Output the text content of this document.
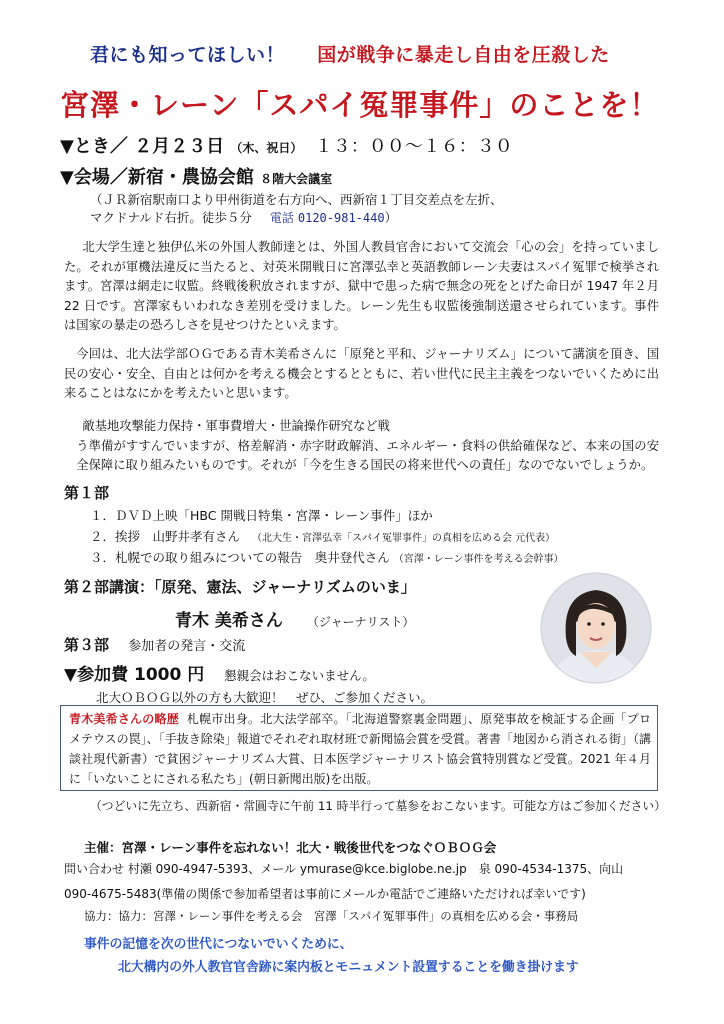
君にも知ってほしい！ 国が戦争に暴走し自由を圧殺した
宮澤・レーン「スパイ冤罪事件」のことを！
▼とき／ ２月２３日 （木、祝日） １３：００〜１６：３０
▼会場／新宿・農協会館 ８階大会議室
（ＪＲ新宿駅南口より甲州街道を右方向へ、西新宿１丁目交差点を左折、
マクドナルド右折。徒歩５分 電話 0120-981-440）
北大学生達と独伊仏米の外国人教師達とは、外国人教員官舎において交流会「心の会」を持っていました。それが軍機法違反に当たると、対英米開戦日に宮澤弘幸と英語教師レーン夫妻はスパイ冤罪で検挙されます。宮澤は網走に収監。終戦後釈放されますが、獄中で患った病で無念の死をとげた命日が 1947 年２月 22 日です。宮澤家もいわれなき差別を受けました。レーン先生も収監後強制送還させられています。事件は国家の暴走の恐ろしさを見せつけたといえます。
今回は、北大法学部ＯＧである青木美希さんに「原発と平和、ジャーナリズム」について講演を頂き、国民の安心・安全、自由とは何かを考える機会とするとともに、若い世代に民主主義をつないでいくために出来ることはなにかを考えたいと思います。
敵基地攻撃能力保持・軍事費増大・世論操作研究など戦
う準備がすすんでいますが、格差解消・赤字財政解消、エネルギー・食料の供給確保など、本来の国の安全保障に取り組みたいものです。それが「今を生きる国民の将来世代への責任」なのでないでしょうか。
第１部
１．ＤＶＤ上映「HBC 開戦日特集・宮澤・レーン事件」ほか
２．挨拶　山野井孝有さん （北大生・宮澤弘幸「スパイ冤罪事件」の真相を広める会 元代表）
３．札幌での取り組みについての報告　奥井登代さん （宮澤・レーン事件を考える会幹事）
第２部講演：「原発、憲法、ジャーナリズムのいま」
青木 美希さん （ジャーナリスト）
第３部 参加者の発言・交流
▼参加費 1000 円 懇親会はおこないません。
北大ＯＢＯＧ以外の方も大歓迎！　ぜひ、ご参加ください。
青木美希さんの略歴 札幌市出身。北大法学部卒。「北海道警察裏金問題」、原発事故を検証する企画「プロメテウスの罠」、「手抜き除染」報道でそれぞれ取材班で新聞協会賞を受賞。著書「地図から消される街」（講談社現代新書）で貧困ジャーナリズム大賞、日本医学ジャーナリスト協会賞特別賞など受賞。2021 年４月に「いないことにされる私たち」(朝日新聞出版)を出版。
（つどいに先立ち、西新宿・常圓寺に午前 11 時半行って墓参をおこないます。可能な方はご参加ください）
主催：宮澤・レーン事件を忘れない！北大・戦後世代をつなぐＯＢＯＧ会
問い合わせ 村瀬 090-4947-5393、メール ymurase@kce.biglobe.ne.jp　泉 090-4534-1375、向山
090-4675-5483(準備の関係で参加希望者は事前にメールか電話でご連絡いただければ幸いです)
協力：協力：宮澤・レーン事件を考える会　宮澤「スパイ冤罪事件」の真相を広める会・事務局
事件の記憶を次の世代につないでいくために、
北大構内の外人教官官舎跡に案内板とモニュメント設置することを働き掛けます
